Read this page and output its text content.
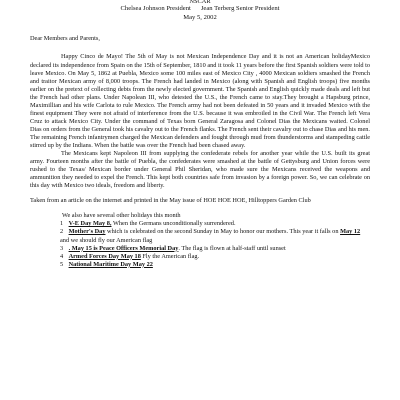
NSCAR
Chelsea Johnson President Jean Terberg Senior President
May 5, 2002
Dear Members and Parents,

Happy Cinco de Mayo! The 5th of May is not Mexican Independence Day and it is not an American holidayMexico declared its independence from Spain on the 15th of September, 1810 and it took 11 years before the first Spanish soldiers were told to leave Mexico. On May 5, 1862 at Puebla, Mexico some 100 miles east of Mexico City , 4000 Mexican soldiers smashed the French and traitor Mexican army of 8,000 troops. The French had landed in Mexico (along with Spanish and English troops) five months earlier on the pretext of collecting debts from the newly elected government. The Spanish and English quickly made deals and left but the French had other plans. Under Napolean III, who detested the U.S., the French came to stay.They brought a Hapsburg prince, Maximillian and his wife Carlota to rule Mexico. The French army had not been defeated in 50 years and it invaded Mexico with the finest equipment They were not afraid of interference from the U.S. because it was embroiled in the Civil War. The French left Vera Cruz to attack Mexico City. Under the command of Texas born General Zaragosa and Colonel Dias the Mexicans waited. Colonel Dias on orders from the General took his cavalry out to the French flanks. The French sent their cavalry out to chase Dias and his men. The remaining French infantrymen charged the Mexican defenders and fought through mud from thunderstorms and stampeding cattle stirred up by the Indians. When the battle was over the French had been chased away.

The Mexicans kept Napoleon III from supplying the confederate rebels for another year while the U.S. built its great army. Fourteen months after the battle of Puebla, the confederates were smashed at the battle of Gettysburg and Union forces were rushed to the Texas/ Mexican border under General Phil Sheridan, who made sure the Mexicans received the weapons and ammunition they needed to expel the French. This kept both countries safe from invasion by a foreign power. So, we can celebrate on this day with Mexico two ideals, freedom and liberty.

Taken from an article on the internet and printed in the May issue of HOE HOE HOE, Hilltoppers Garden Club
We also have several other holidays this month
1 V-E Day May 8, When the Germans unconditionally surrendered.
2 Mother's Day which is celebrated on the second Sunday in May to honor our mothers. This year it falls on May 12 and we should fly our American flag
3 . May 15 is Peace Officers Memorial Day. The flag is flown at half-staff until sunset
4 Armed Forces Day May 18 Fly the American flag.
5 National Maritime Day May 22
